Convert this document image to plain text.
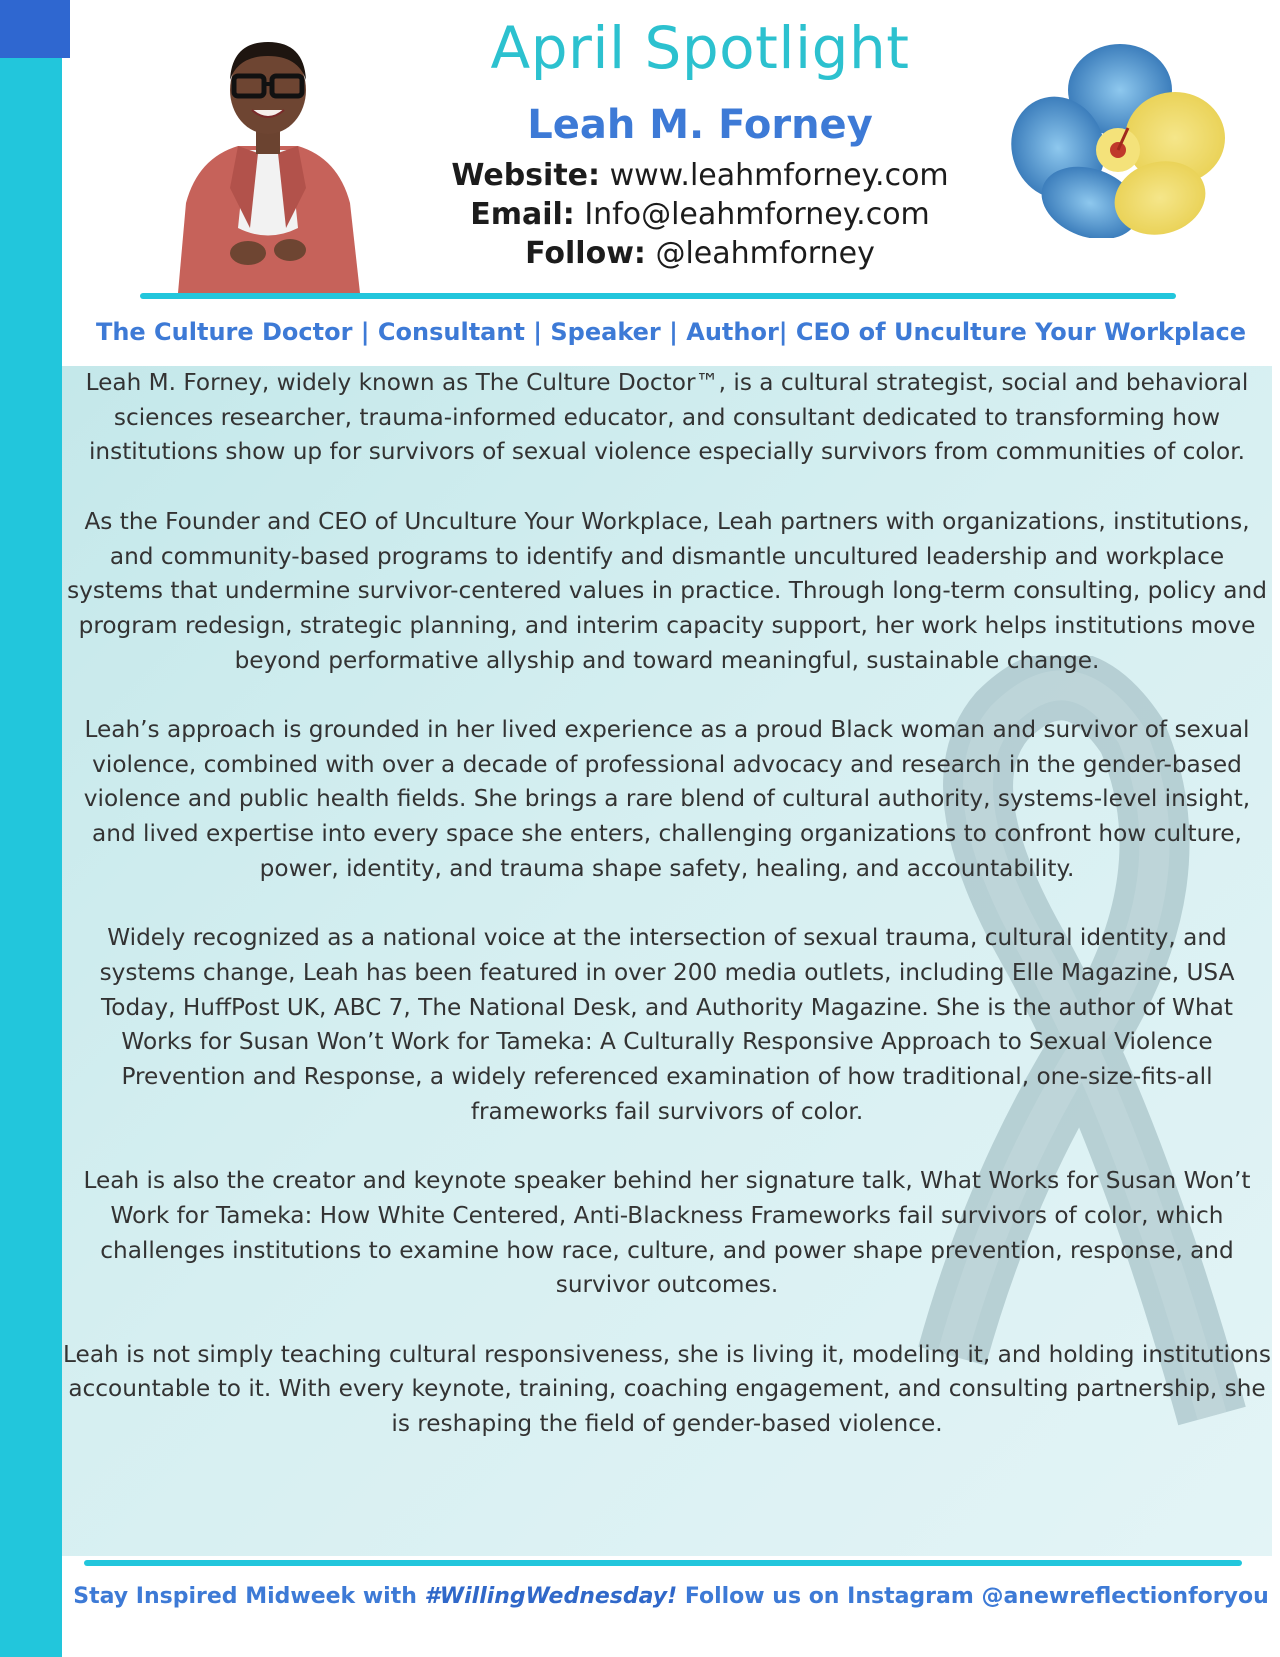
April Spotlight
Leah M. Forney
Website: www.leahmforney.com
Email: Info@leahmforney.com
Follow: @leahmforney
The Culture Doctor | Consultant | Speaker | Author| CEO of Unculture Your Workplace

Leah M. Forney, widely known as The Culture Doctor™, is a cultural strategist, social and behavioral sciences researcher, trauma-informed educator, and consultant dedicated to transforming how institutions show up for survivors of sexual violence especially survivors from communities of color.

As the Founder and CEO of Unculture Your Workplace, Leah partners with organizations, institutions, and community-based programs to identify and dismantle uncultured leadership and workplace systems that undermine survivor-centered values in practice. Through long-term consulting, policy and program redesign, strategic planning, and interim capacity support, her work helps institutions move beyond performative allyship and toward meaningful, sustainable change.

Leah’s approach is grounded in her lived experience as a proud Black woman and survivor of sexual violence, combined with over a decade of professional advocacy and research in the gender-based violence and public health fields. She brings a rare blend of cultural authority, systems-level insight, and lived expertise into every space she enters, challenging organizations to confront how culture, power, identity, and trauma shape safety, healing, and accountability.

Widely recognized as a national voice at the intersection of sexual trauma, cultural identity, and systems change, Leah has been featured in over 200 media outlets, including Elle Magazine, USA Today, HuffPost UK, ABC 7, The National Desk, and Authority Magazine. She is the author of What Works for Susan Won’t Work for Tameka: A Culturally Responsive Approach to Sexual Violence Prevention and Response, a widely referenced examination of how traditional, one-size-fits-all frameworks fail survivors of color.

Leah is also the creator and keynote speaker behind her signature talk, What Works for Susan Won’t Work for Tameka: How White Centered, Anti-Blackness Frameworks fail survivors of color, which challenges institutions to examine how race, culture, and power shape prevention, response, and survivor outcomes.

Leah is not simply teaching cultural responsiveness, she is living it, modeling it, and holding institutions accountable to it. With every keynote, training, coaching engagement, and consulting partnership, she is reshaping the field of gender-based violence.

Stay Inspired Midweek with #WillingWednesday! Follow us on Instagram @anewreflectionforyou
